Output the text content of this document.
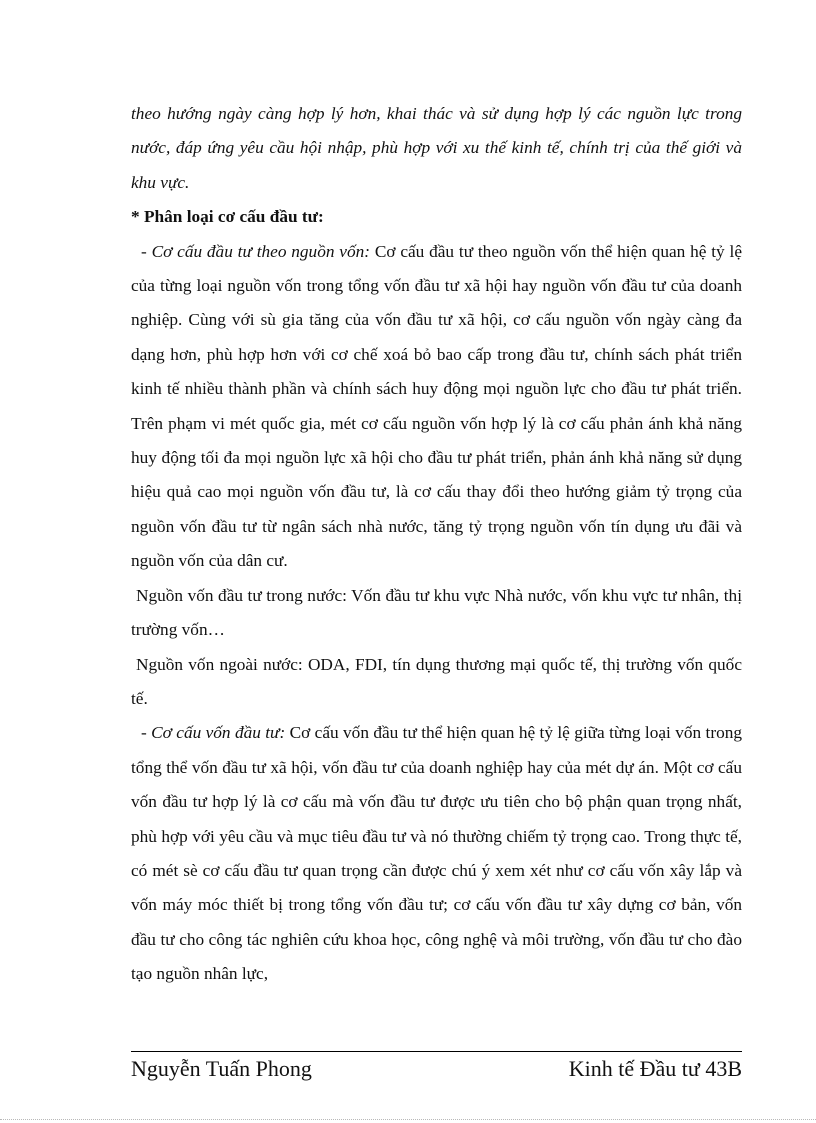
theo hướng ngày càng hợp lý hơn, khai thác và sử dụng hợp lý các nguồn lực trong nước, đáp ứng yêu cầu hội nhập, phù hợp với xu thế kinh tế, chính trị của thế giới và khu vực.

* Phân loại cơ cấu đầu tư:

- Cơ cấu đầu tư theo nguồn vốn: Cơ cấu đầu tư theo nguồn vốn thể hiện quan hệ tỷ lệ của từng loại nguồn vốn trong tổng vốn đầu tư xã hội hay nguồn vốn đầu tư của doanh nghiệp. Cùng với sù gia tăng của vốn đầu tư xã hội, cơ cấu nguồn vốn ngày càng đa dạng hơn, phù hợp hơn với cơ chế xoá bỏ bao cấp trong đầu tư, chính sách phát triển kinh tế nhiều thành phần và chính sách huy động mọi nguồn lực cho đầu tư phát triển. Trên phạm vi mét quốc gia, mét cơ cấu nguồn vốn hợp lý là cơ cấu phản ánh khả năng huy động tối đa mọi nguồn lực xã hội cho đầu tư phát triển, phản ánh khả năng sử dụng hiệu quả cao mọi nguồn vốn đầu tư, là cơ cấu thay đổi theo hướng giảm tỷ trọng của nguồn vốn đầu tư từ ngân sách nhà nước, tăng tỷ trọng nguồn vốn tín dụng ưu đãi và nguồn vốn của dân cư.

Nguồn vốn đầu tư trong nước: Vốn đầu tư khu vực Nhà nước, vốn khu vực tư nhân, thị trường vốn…

Nguồn vốn ngoài nước: ODA, FDI, tín dụng thương mại quốc tế, thị trường vốn quốc tế.

- Cơ cấu vốn đầu tư: Cơ cấu vốn đầu tư thể hiện quan hệ tỷ lệ giữa từng loại vốn trong tổng thể vốn đầu tư xã hội, vốn đầu tư của doanh nghiệp hay của mét dự án. Một cơ cấu vốn đầu tư hợp lý là cơ cấu mà vốn đầu tư được ưu tiên cho bộ phận quan trọng nhất, phù hợp với yêu cầu và mục tiêu đầu tư và nó thường chiếm tỷ trọng cao. Trong thực tế, có mét sè cơ cấu đầu tư quan trọng cần được chú ý xem xét như cơ cấu vốn xây lắp và vốn máy móc thiết bị trong tổng vốn đầu tư; cơ cấu vốn đầu tư xây dựng cơ bản, vốn đầu tư cho công tác nghiên cứu khoa học, công nghệ và môi trường, vốn đầu tư cho đào tạo nguồn nhân lực,

Nguyễn Tuấn Phong	Kinh tế Đầu tư 43B
